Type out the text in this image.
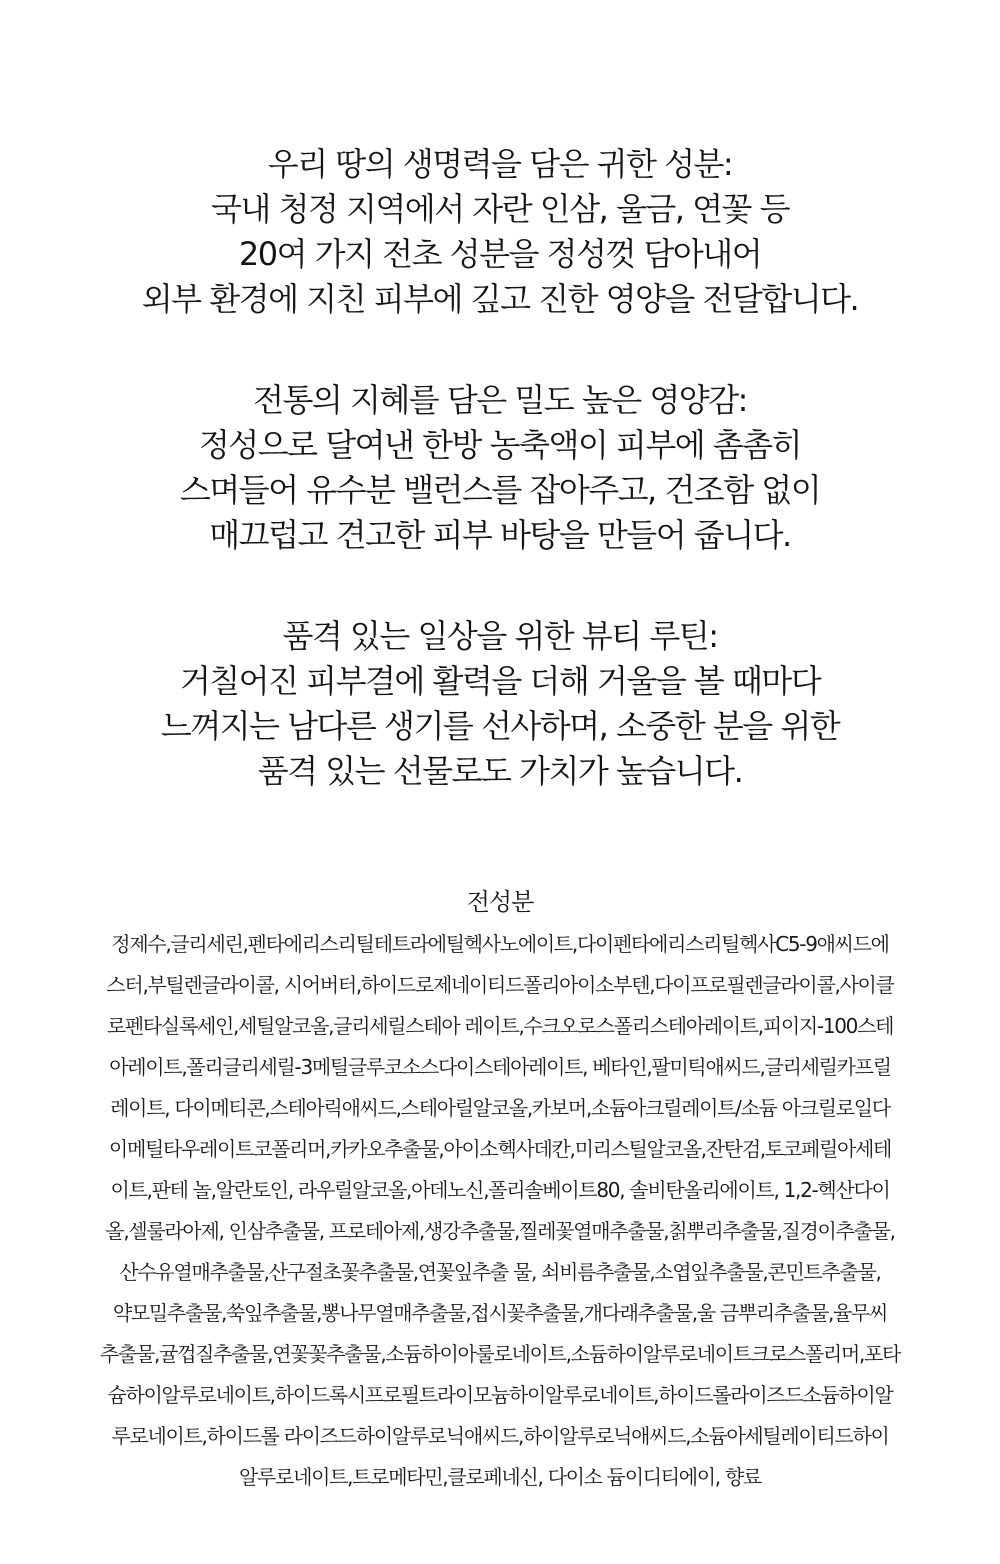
우리 땅의 생명력을 담은 귀한 성분:
국내 청정 지역에서 자란 인삼, 울금, 연꽃 등
20여 가지 전초 성분을 정성껏 담아내어
외부 환경에 지친 피부에 깊고 진한 영양을 전달합니다.
전통의 지혜를 담은 밀도 높은 영양감:
정성으로 달여낸 한방 농축액이 피부에 촘촘히
스며들어 유수분 밸런스를 잡아주고, 건조함 없이
매끄럽고 견고한 피부 바탕을 만들어 줍니다.
품격 있는 일상을 위한 뷰티 루틴:
거칠어진 피부결에 활력을 더해 거울을 볼 때마다
느껴지는 남다른 생기를 선사하며, 소중한 분을 위한
품격 있는 선물로도 가치가 높습니다.
전성분
정제수,글리세린,펜타에리스리틸테트라에틸헥사노에이트,다이펜타에리스리틸헥사C5-9애씨드에
스터,부틸렌글라이콜, 시어버터,하이드로제네이티드폴리아이소부텐,다이프로필렌글라이콜,사이클
로펜타실록세인,세틸알코올,글리세릴스테아 레이트,수크오로스폴리스테아레이트,피이지-100스테
아레이트,폴리글리세릴-3메틸글루코소스다이스테아레이트, 베타인,팔미틱애씨드,글리세릴카프릴
레이트, 다이메티콘,스테아릭애씨드,스테아릴알코올,카보머,소듐아크릴레이트/소듐 아크릴로일다
이메틸타우레이트코폴리머,카카오추출물,아이소헥사데칸,미리스틸알코올,잔탄검,토코페릴아세테
이트,판테 놀,알란토인, 라우릴알코올,아데노신,폴리솔베이트80, 솔비탄올리에이트, 1,2-헥산다이
올,셀룰라아제, 인삼추출물, 프로테아제,생강추출물,찔레꽃열매추출물,칡뿌리추출물,질경이추출물,
산수유열매추출물,산구절초꽃추출물,연꽃잎추출 물, 쇠비름추출물,소엽잎추출물,콘민트추출물,
약모밀추출물,쑥잎추출물,뽕나무열매추출물,접시꽃추출물,개다래추출물,울 금뿌리추출물,율무씨
추출물,귤껍질추출물,연꽃꽃추출물,소듐하이아룰로네이트,소듐하이알루로네이트크로스폴리머,포타
슘하이알루로네이트,하이드록시프로필트라이모늄하이알루로네이트,하이드롤라이즈드소듐하이알
루로네이트,하이드롤 라이즈드하이알루로닉애씨드,하이알루로닉애씨드,소듐아세틸레이티드하이
알루로네이트,트로메타민,클로페네신, 다이소 듐이디티에이, 향료
